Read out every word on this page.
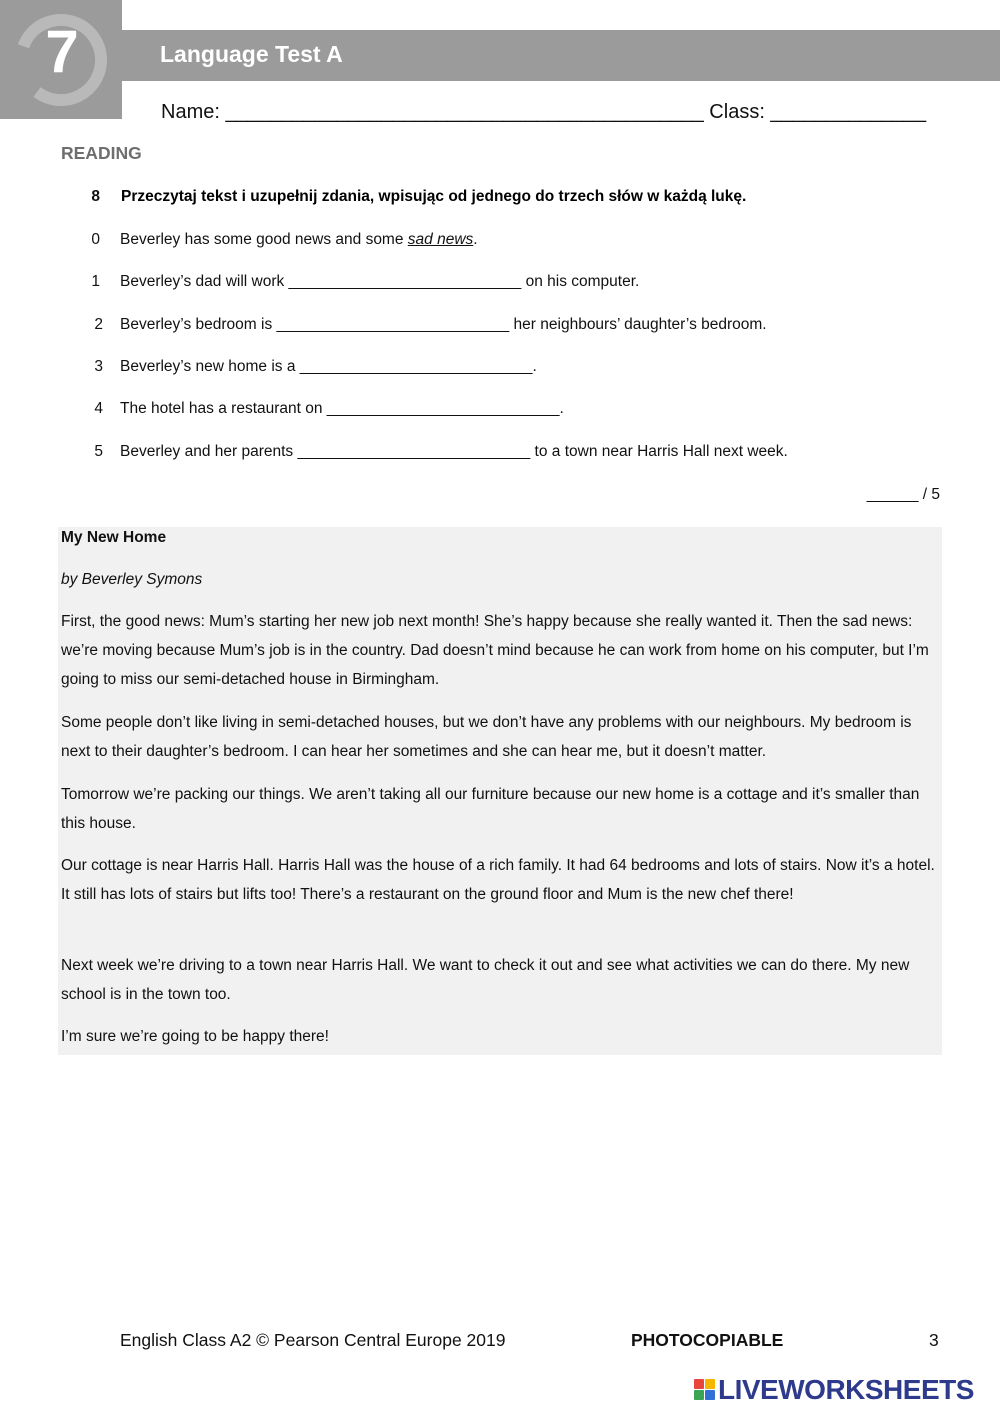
7	Language Test A
Name: ___________________________________________ Class: ______________
READING
8 Przeczytaj tekst i uzupełnij zdania, wpisując od jednego do trzech słów w każdą lukę.
0 Beverley has some good news and some sad news.
1 Beverley’s dad will work ___________________________ on his computer.
2 Beverley’s bedroom is ___________________________ her neighbours’ daughter’s bedroom.
3 Beverley’s new home is a ___________________________.
4 The hotel has a restaurant on ___________________________.
5 Beverley and her parents ___________________________ to a town near Harris Hall next week.
______ / 5
My New Home
by Beverley Symons
First, the good news: Mum’s starting her new job next month! She’s happy because she really wanted it. Then the sad news: we’re moving because Mum’s job is in the country. Dad doesn’t mind because he can work from home on his computer, but I’m going to miss our semi-detached house in Birmingham.
Some people don’t like living in semi-detached houses, but we don’t have any problems with our neighbours. My bedroom is next to their daughter’s bedroom. I can hear her sometimes and she can hear me, but it doesn’t matter.
Tomorrow we’re packing our things. We aren’t taking all our furniture because our new home is a cottage and it’s smaller than this house.
Our cottage is near Harris Hall. Harris Hall was the house of a rich family. It had 64 bedrooms and lots of stairs. Now it’s a hotel. It still has lots of stairs but lifts too! There’s a restaurant on the ground floor and Mum is the new chef there!
Next week we’re driving to a town near Harris Hall. We want to check it out and see what activities we can do there. My new school is in the town too.
I’m sure we’re going to be happy there!
English Class A2 © Pearson Central Europe 2019	PHOTOCOPIABLE	3
LIVEWORKSHEETS
